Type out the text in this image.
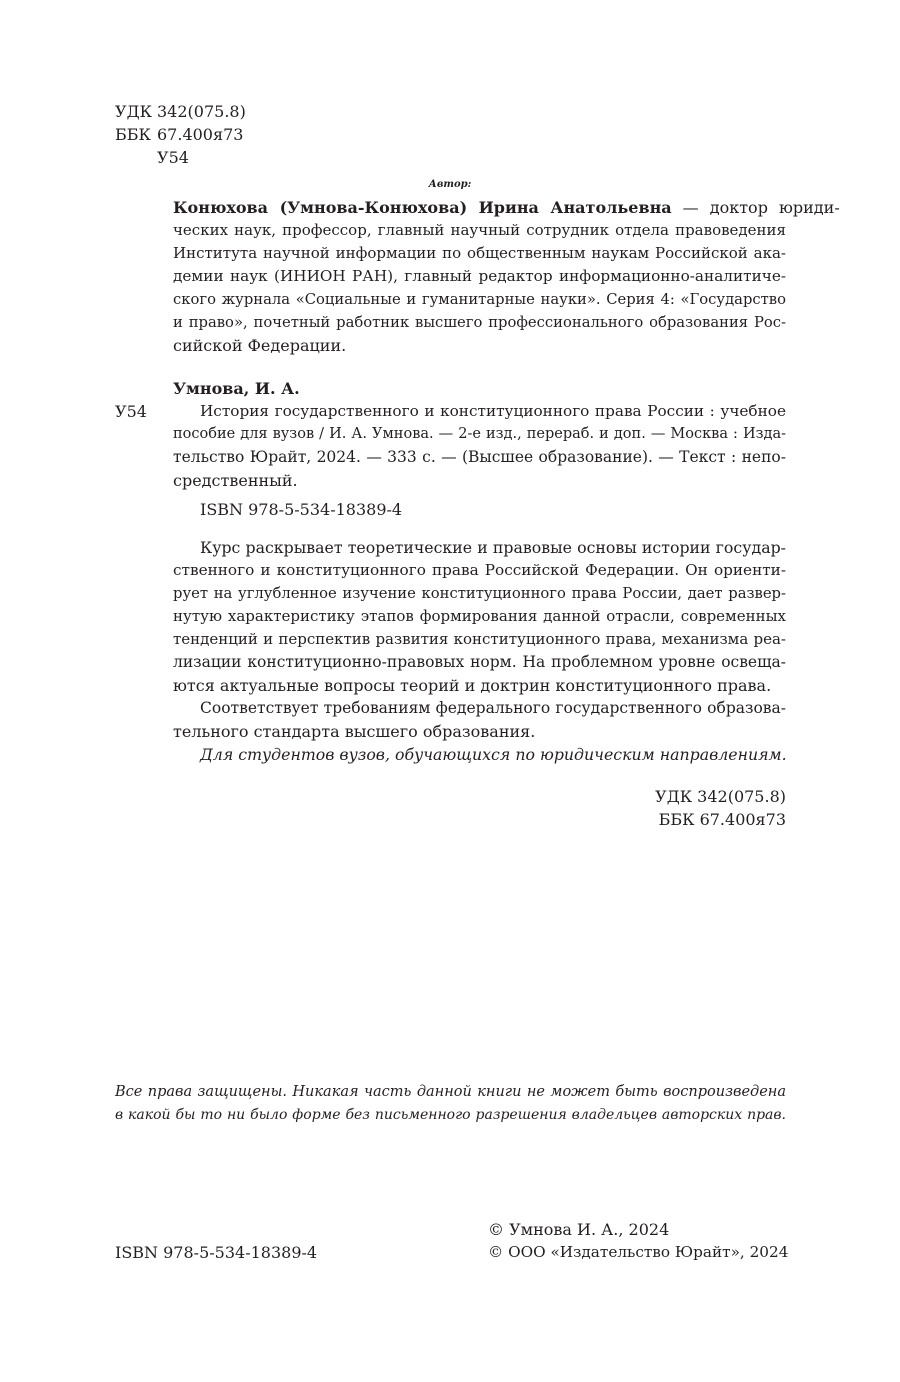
УДК 342(075.8)
ББК 67.400я73
У54
Автор:
Конюхова (Умнова-Конюхова) Ирина Анатольевна — доктор юриди-
ческих наук, профессор, главный научный сотрудник отдела правоведения
Института научной информации по общественным наукам Российской ака-
демии наук (ИНИОН РАН), главный редактор информационно-аналитиче-
ского журнала «Социальные и гуманитарные науки». Серия 4: «Государство
и право», почетный работник высшего профессионального образования Рос-
сийской Федерации.
Умнова, И. А.
У54	История государственного и конституционного права России : учебное
пособие для вузов / И. А. Умнова. — 2-е изд., перераб. и доп. — Москва : Изда-
тельство Юрайт, 2024. — 333 с. — (Высшее образование). — Текст : непо-
средственный.
ISBN 978-5-534-18389-4
Курс раскрывает теоретические и правовые основы истории государ-
ственного и конституционного права Российской Федерации. Он ориенти-
рует на углубленное изучение конституционного права России, дает развер-
нутую характеристику этапов формирования данной отрасли, современных
тенденций и перспектив развития конституционного права, механизма реа-
лизации конституционно-правовых норм. На проблемном уровне освеща-
ются актуальные вопросы теорий и доктрин конституционного права.
Соответствует требованиям федерального государственного образова-
тельного стандарта высшего образования.
Для студентов вузов, обучающихся по юридическим направлениям.
УДК 342(075.8)
ББК 67.400я73
Все права защищены. Никакая часть данной книги не может быть воспроизведена
в какой бы то ни было форме без письменного разрешения владельцев авторских прав.
© Умнова И. А., 2024
ISBN 978-5-534-18389-4	© ООО «Издательство Юрайт», 2024
